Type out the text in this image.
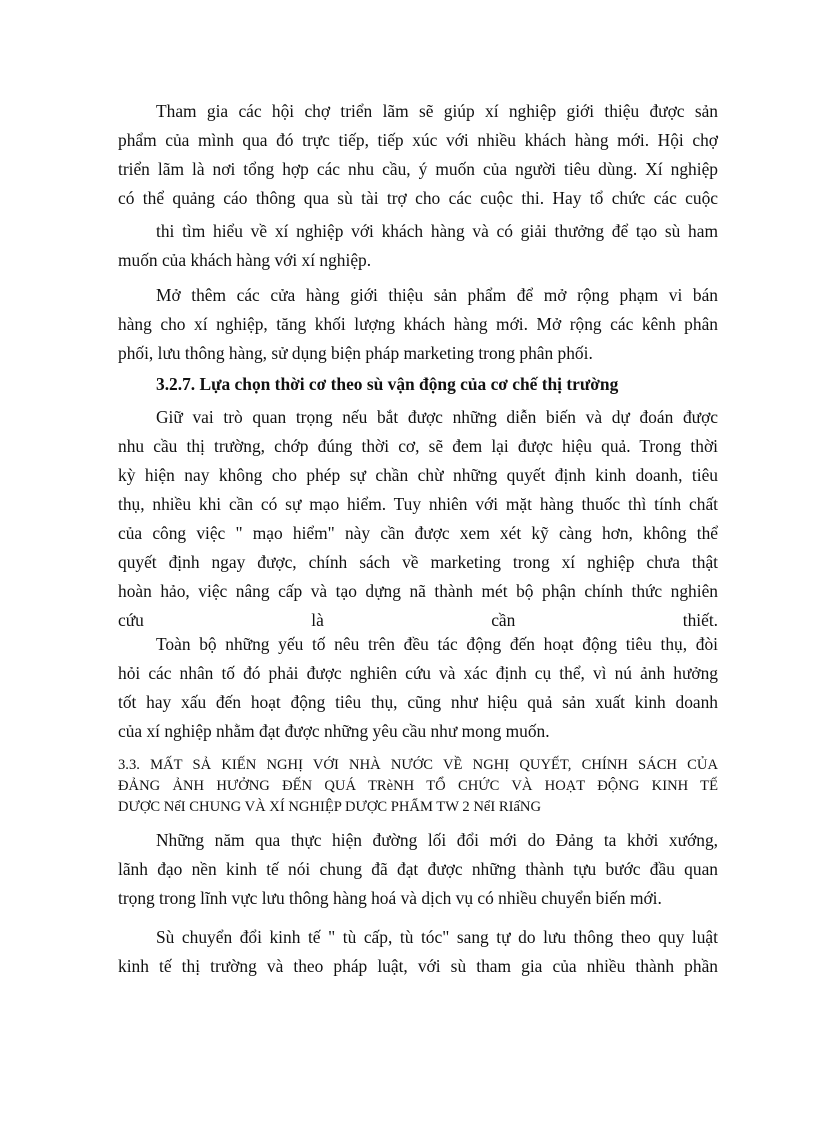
Tham gia các hội chợ triển lãm sẽ giúp xí nghiệp giới thiệu được sản
phẩm của mình qua đó trực tiếp, tiếp xúc với nhiều khách hàng mới. Hội chợ
triển lãm là nơi tổng hợp các nhu cầu, ý muốn của người tiêu dùng. Xí nghiệp
có thể quảng cáo thông qua sù tài trợ cho các cuộc thi. Hay tổ chức các cuộc
thi tìm hiểu về xí nghiệp với khách hàng và có giải thưởng để tạo sù ham
muốn của khách hàng với xí nghiệp.
Mở thêm các cửa hàng giới thiệu sản phẩm để mở rộng phạm vi bán
hàng cho xí nghiệp, tăng khối lượng khách hàng mới. Mở rộng các kênh phân
phối, lưu thông hàng, sử dụng biện pháp marketing trong phân phối.
3.2.7. Lựa chọn thời cơ theo sù vận động của cơ chế thị trường
Giữ vai trò quan trọng nếu bắt được những diễn biến và dự đoán được
nhu cầu thị trường, chớp đúng thời cơ, sẽ đem lại được hiệu quả. Trong thời
kỳ hiện nay không cho phép sự chần chừ những quyết định kinh doanh, tiêu
thụ, nhiều khi cần có sự mạo hiểm. Tuy nhiên với mặt hàng thuốc thì tính chất
của công việc " mạo hiểm" này cần được xem xét kỹ càng hơn, không thể
quyết định ngay được, chính sách về marketing trong xí nghiệp chưa thật
hoàn hảo, việc nâng cấp và tạo dựng nã thành mét bộ phận chính thức nghiên
cứu là cần thiết.
Toàn bộ những yếu tố nêu trên đều tác động đến hoạt động tiêu thụ, đòi
hỏi các nhân tố đó phải được nghiên cứu và xác định cụ thể, vì nú ảnh hưởng
tốt hay xấu đến hoạt động tiêu thụ, cũng như hiệu quả sản xuất kinh doanh
của xí nghiệp nhằm đạt được những yêu cầu như mong muốn.
3.3. MẤT SẢ KIẾN NGHỊ VỚI NHÀ NƯỚC VỀ NGHỊ QUYẾT, CHÍNH SÁCH CỦA
ĐẢNG ẢNH HƯỞNG ĐẾN QUÁ TRèNH TỔ CHỨC VÀ HOẠT ĐỘNG KINH TẾ
DƯỢC NểI CHUNG VÀ XÍ NGHIỆP DƯỢC PHẨM TW 2 NểI RIấNG
Những năm qua thực hiện đường lối đổi mới do Đảng ta khởi xướng,
lãnh đạo nền kinh tế nói chung đã đạt được những thành tựu bước đầu quan
trọng trong lĩnh vực lưu thông hàng hoá và dịch vụ có nhiều chuyển biến mới.
Sù chuyển đổi kinh tế " tù cấp, tù tóc" sang tự do lưu thông theo quy luật
kinh tế thị trường và theo pháp luật, với sù tham gia của nhiều thành phần
